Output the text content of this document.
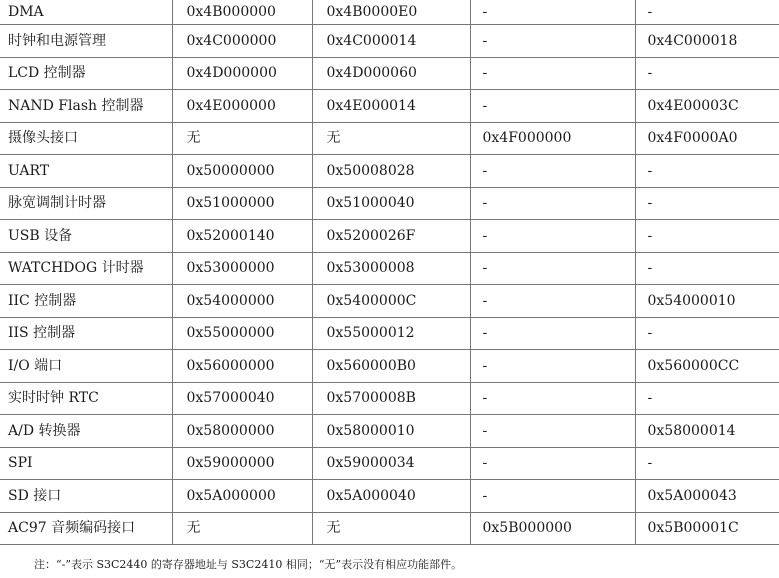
DMA	0x4B000000	0x4B0000E0	-	-
时钟和电源管理	0x4C000000	0x4C000014	-	0x4C000018
LCD 控制器	0x4D000000	0x4D000060	-	-
NAND Flash 控制器	0x4E000000	0x4E000014	-	0x4E00003C
摄像头接口	无	无	0x4F000000	0x4F0000A0
UART	0x50000000	0x50008028	-	-
脉宽调制计时器	0x51000000	0x51000040	-	-
USB 设备	0x52000140	0x5200026F	-	-
WATCHDOG 计时器	0x53000000	0x53000008	-	-
IIC 控制器	0x54000000	0x5400000C	-	0x54000010
IIS 控制器	0x55000000	0x55000012	-	-
I/O 端口	0x56000000	0x560000B0	-	0x560000CC
实时时钟 RTC	0x57000040	0x5700008B	-	-
A/D 转换器	0x58000000	0x58000010	-	0x58000014
SPI	0x59000000	0x59000034	-	-
SD 接口	0x5A000000	0x5A000040	-	0x5A000043
AC97 音频编码接口	无	无	0x5B000000	0x5B00001C
注：“-”表示 S3C2440 的寄存器地址与 S3C2410 相同；“无”表示没有相应功能部件。
